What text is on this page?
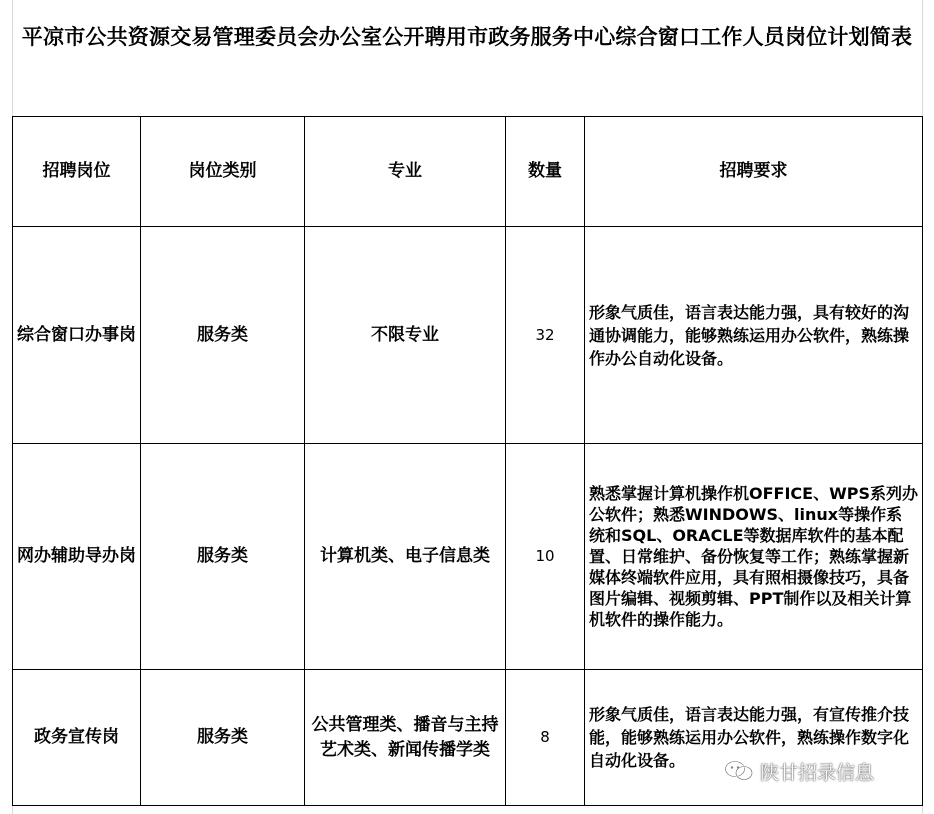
平凉市公共资源交易管理委员会办公室公开聘用市政务服务中心综合窗口工作人员岗位计划简表
招聘岗位	岗位类别	专业	数量	招聘要求
综合窗口办事岗	服务类	不限专业	32	形象气质佳，语言表达能力强，具有较好的沟通协调能力，能够熟练运用办公软件，熟练操作办公自动化设备。
网办辅助导办岗	服务类	计算机类、电子信息类	10	熟悉掌握计算机操作机OFFICE、WPS系列办公软件；熟悉WINDOWS、linux等操作系统和SQL、ORACLE等数据库软件的基本配置、日常维护、备份恢复等工作；熟练掌握新媒体终端软件应用，具有照相摄像技巧，具备图片编辑、视频剪辑、PPT制作以及相关计算机软件的操作能力。
政务宣传岗	服务类	公共管理类、播音与主持艺术类、新闻传播学类	8	形象气质佳，语言表达能力强，有宣传推介技能，能够熟练运用办公软件，熟练操作数字化自动化设备。
陕甘招录信息
